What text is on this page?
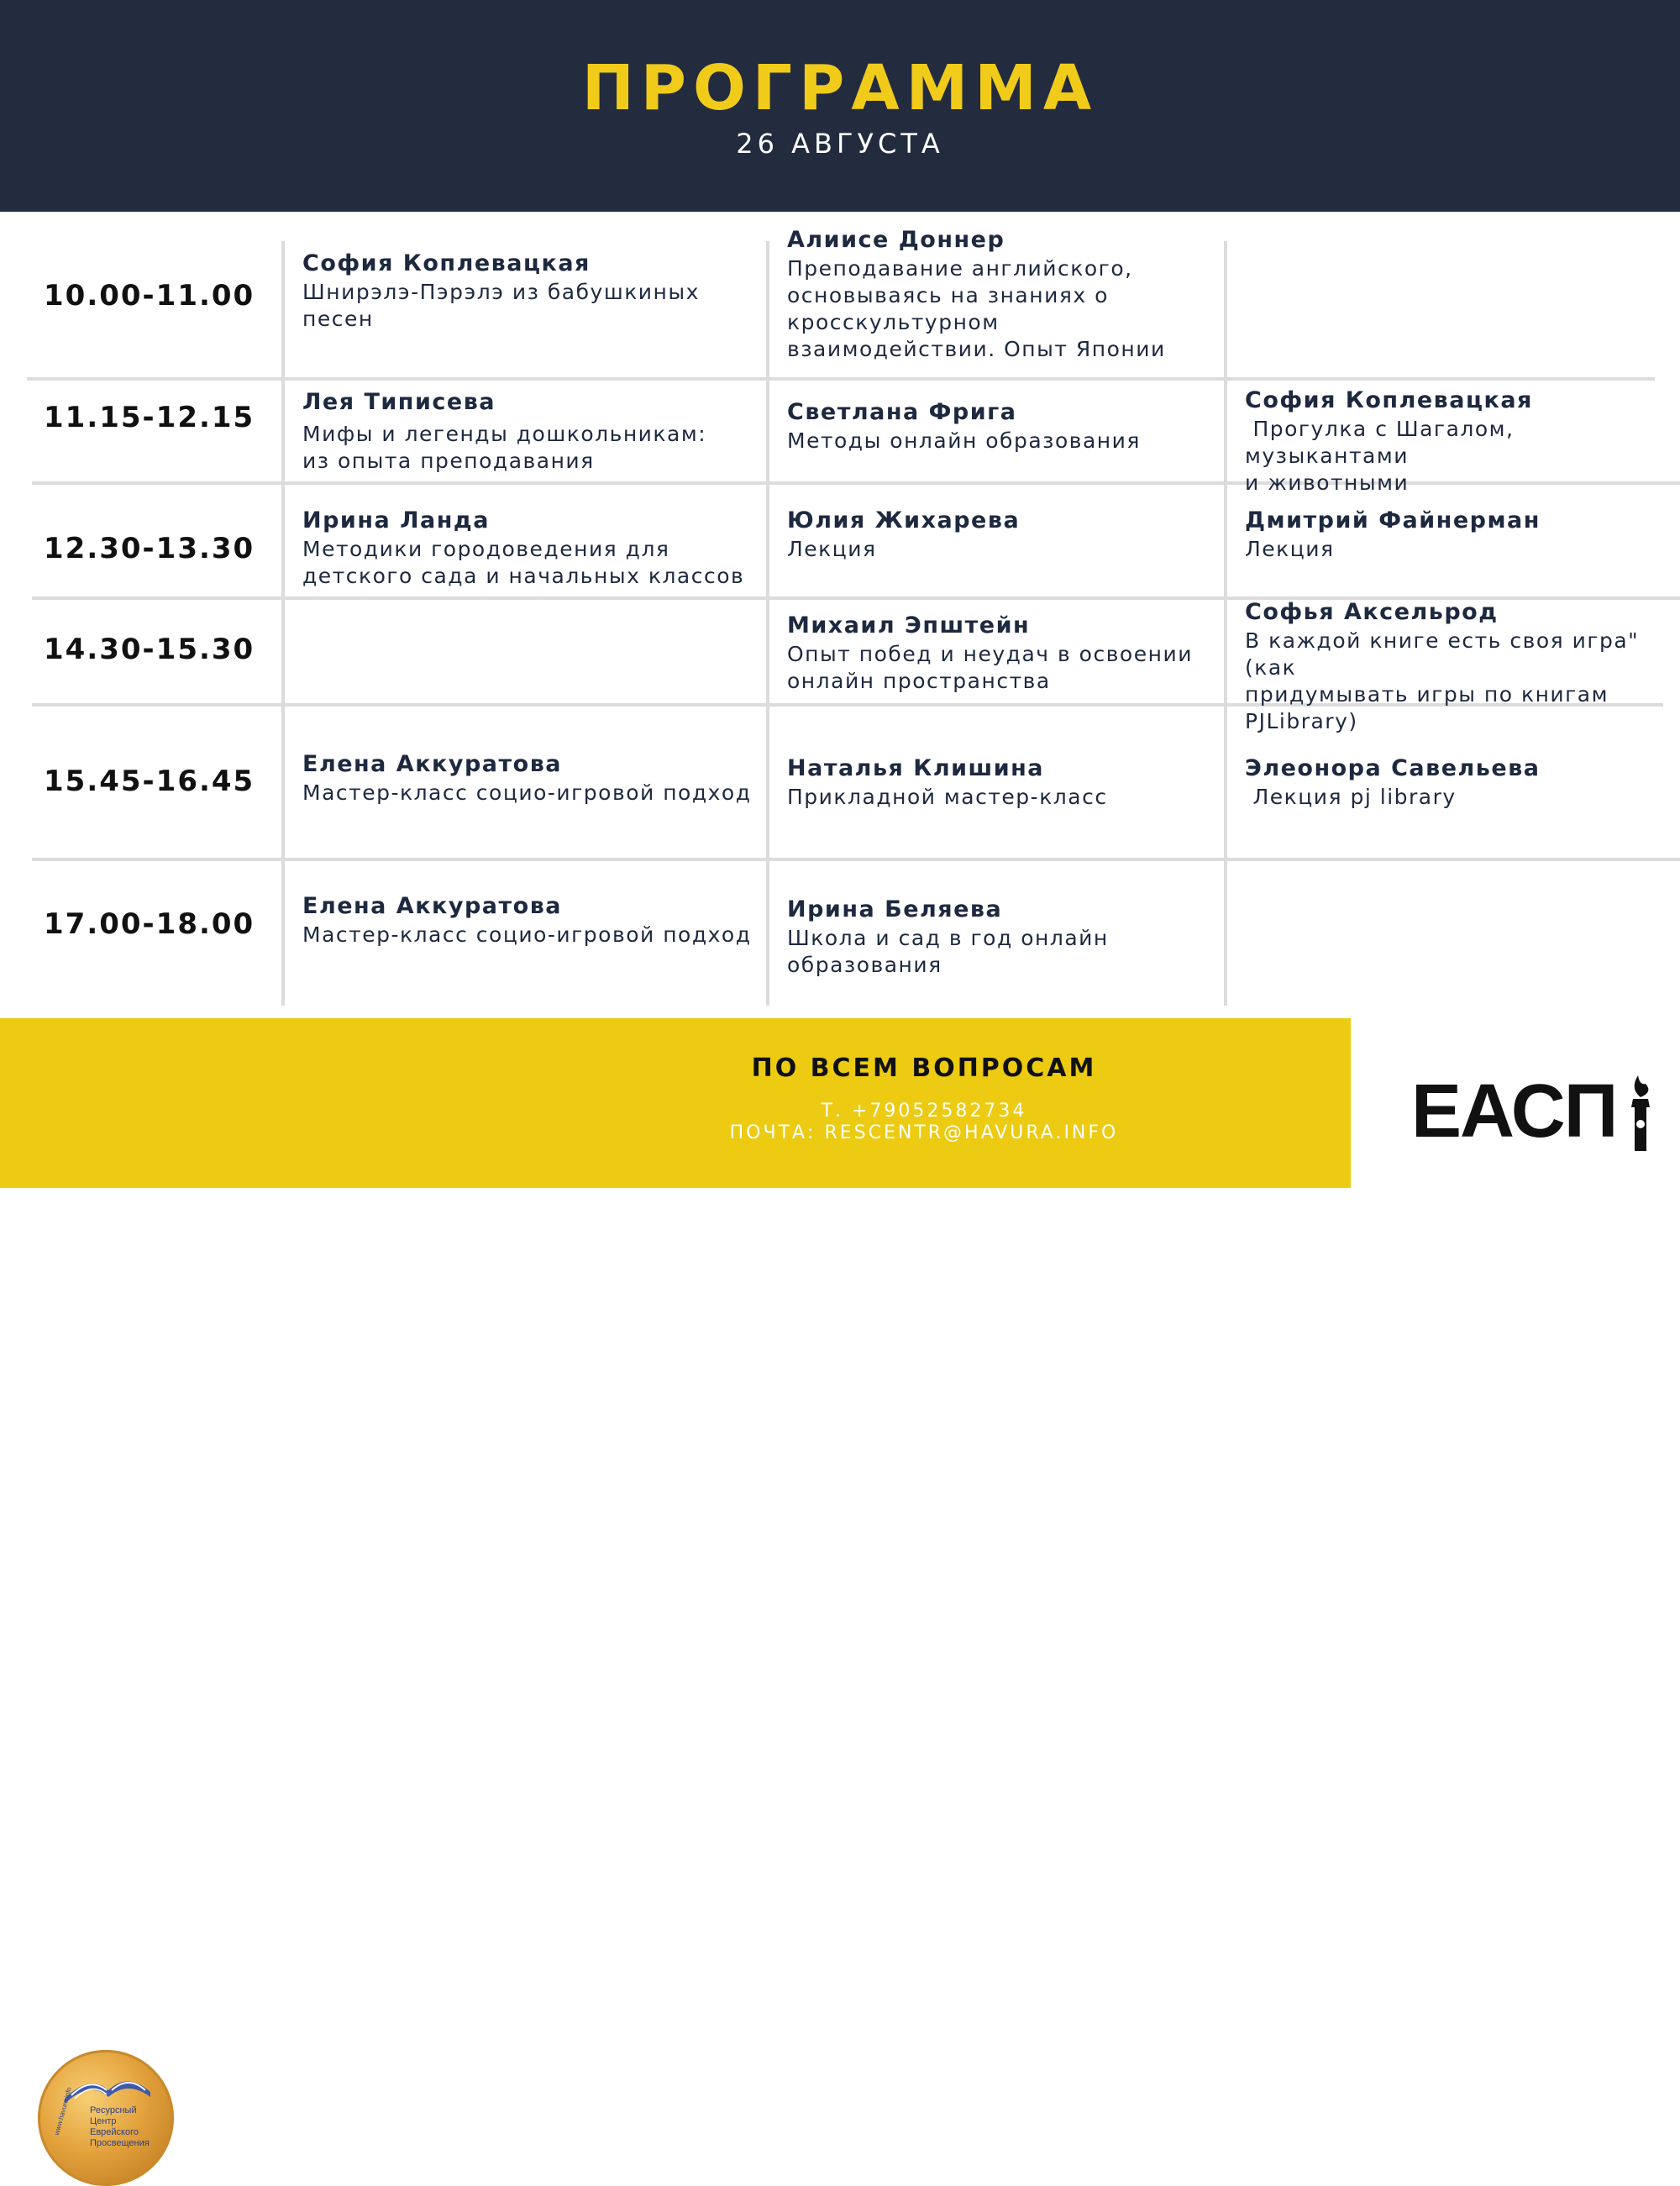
ПРОГРАММА
26 АВГУСТА
10.00-11.00
София Коплевацкая
Шнирэлэ-Пэрэлэ из бабушкиных
песен
Алиисе Доннер
Преподавание английского,
основываясь на знаниях о
кросскультурном
взаимодействии. Опыт Японии
11.15-12.15 Лея Типисева
Мифы и легенды дошкольникам:
из опыта преподавания
Светлана Фрига
Методы онлайн образования
София Коплевацкая
Прогулка с Шагалом, музыкантами
и животными
12.30-13.30
Ирина Ланда
Методики городоведения для
детского сада и начальных классов
Юлия Жихарева
Лекция
Дмитрий Файнерман
Лекция
14.30-15.30
Михаил Эпштейн
Опыт побед и неудач в освоении
онлайн пространства
Софья Аксельрод
В каждой книге есть своя игра" (как
придумывать игры по книгам
PJLibrary)
15.45-16.45
Елена Аккуратова
Мастер-класс социо-игровой подход
Наталья Клишина
Прикладной мастер-класс
Элеонора Савельева
Лекция pj library
17.00-18.00
Елена Аккуратова
Мастер-класс социо-игровой подход
Ирина Беляева
Школа и сад в год онлайн
образования
Ресурсный
Центр
Еврейского
Просвещения
www.havura.info
ПО ВСЕМ ВОПРОСАМ
Т. +79052582734
ПОЧТА: RESCENTR@HAVURA.INFO	ЕАСП
